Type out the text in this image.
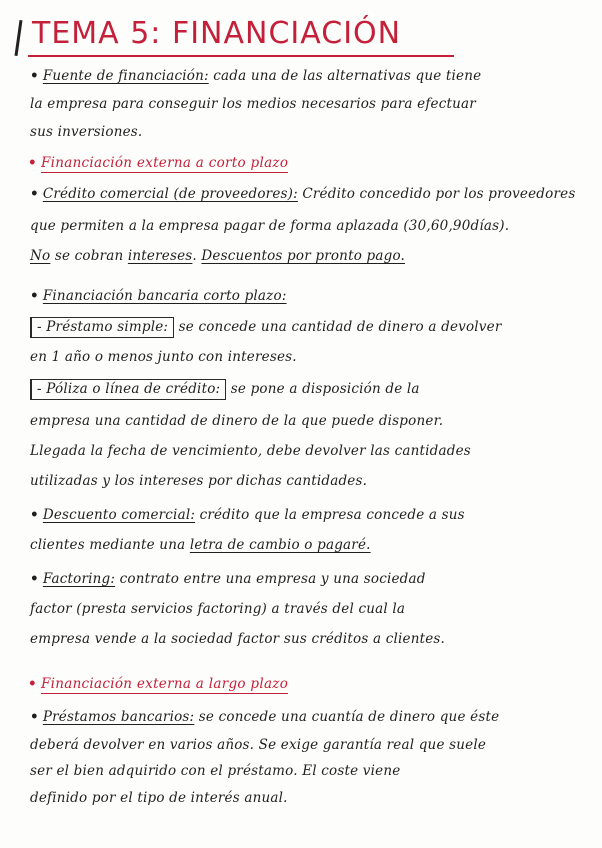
TEMA 5: FINANCIACIÓN
• Fuente de financiación: cada una de las alternativas que tiene
la empresa para conseguir los medios necesarios para efectuar
sus inversiones.
• Financiación externa a corto plazo
• Crédito comercial (de proveedores): Crédito concedido por los proveedores
que permiten a la empresa pagar de forma aplazada (30,60,90días).
No se cobran intereses. Descuentos por pronto pago.
• Financiación bancaria corto plazo:
- Préstamo simple: se concede una cantidad de dinero a devolver
en 1 año o menos junto con intereses.
- Póliza o línea de crédito: se pone a disposición de la
empresa una cantidad de dinero de la que puede disponer.
Llegada la fecha de vencimiento, debe devolver las cantidades
utilizadas y los intereses por dichas cantidades.
• Descuento comercial: crédito que la empresa concede a sus
clientes mediante una letra de cambio o pagaré.
• Factoring: contrato entre una empresa y una sociedad
factor (presta servicios factoring) a través del cual la
empresa vende a la sociedad factor sus créditos a clientes.
• Financiación externa a largo plazo
• Préstamos bancarios: se concede una cuantía de dinero que éste
deberá devolver en varios años. Se exige garantía real que suele
ser el bien adquirido con el préstamo. El coste viene
definido por el tipo de interés anual.
